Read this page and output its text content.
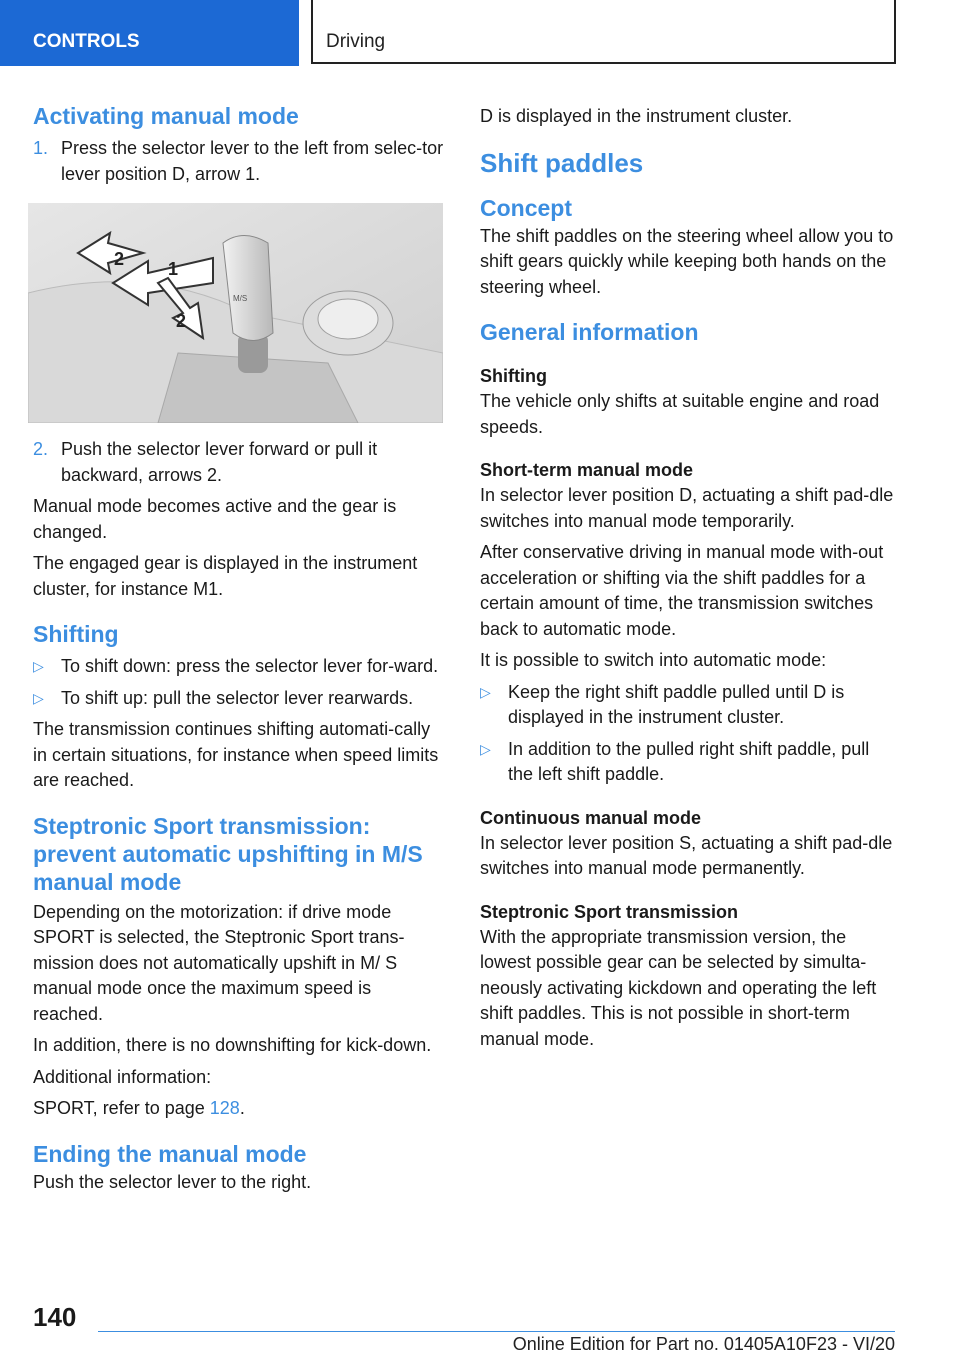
CONTROLS	Driving
Activating manual mode
1. Press the selector lever to the left from selec‐tor lever position D, arrow 1.
M/S
1
2
2
2. Push the selector lever forward or pull it backward, arrows 2.

Manual mode becomes active and the gear is changed.

The engaged gear is displayed in the instrument cluster, for instance M1.

Shifting
▷ To shift down: press the selector lever for‐ward.
▷ To shift up: pull the selector lever rearwards.

The transmission continues shifting automati‐cally in certain situations, for instance when speed limits are reached.

Steptronic Sport transmission: prevent automatic upshifting in M/S manual mode

Depending on the motorization: if drive mode SPORT is selected, the Steptronic Sport trans‐mission does not automatically upshift in M/ S manual mode once the maximum speed is reached.

In addition, there is no downshifting for kick‐down.

Additional information:

SPORT, refer to page 128.

Ending the manual mode

Push the selector lever to the right.

D is displayed in the instrument cluster.

Shift paddles
Concept

The shift paddles on the steering wheel allow you to shift gears quickly while keeping both hands on the steering wheel.

General information
Shifting

The vehicle only shifts at suitable engine and road speeds.

Short-term manual mode

In selector lever position D, actuating a shift pad‐dle switches into manual mode temporarily.

After conservative driving in manual mode with‐out acceleration or shifting via the shift paddles for a certain amount of time, the transmission switches back to automatic mode.

It is possible to switch into automatic mode:

▷ Keep the right shift paddle pulled until D is displayed in the instrument cluster.
▷ In addition to the pulled right shift paddle, pull the left shift paddle.
Continuous manual mode

In selector lever position S, actuating a shift pad‐dle switches into manual mode permanently.

Steptronic Sport transmission

With the appropriate transmission version, the lowest possible gear can be selected by simulta‐neously activating kickdown and operating the left shift paddles. This is not possible in short-term manual mode.

140
Online Edition for Part no. 01405A10F23 - VI/20
